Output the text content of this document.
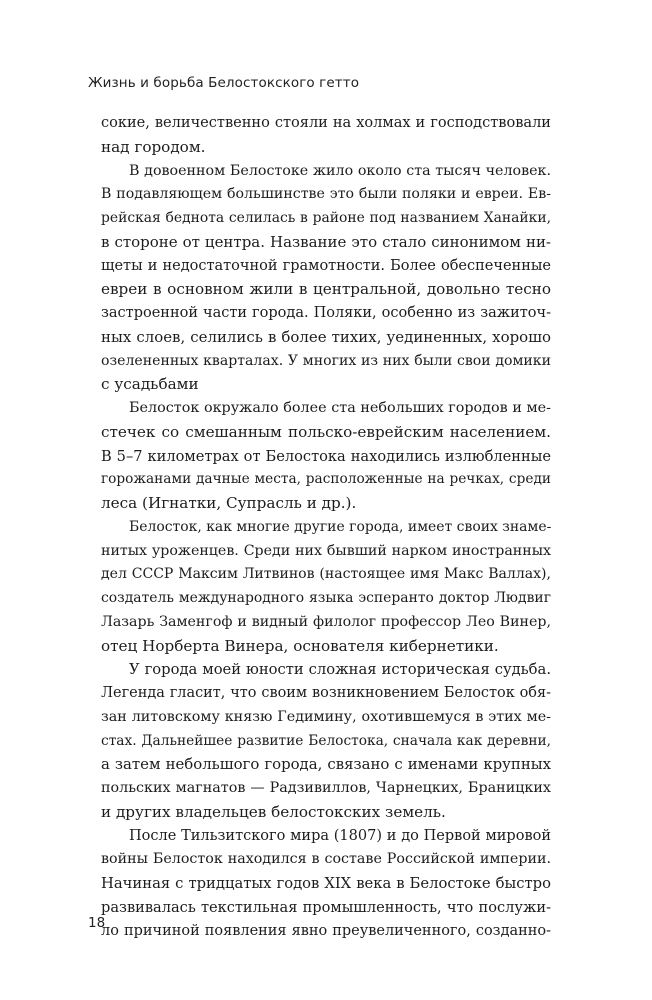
Жизнь и борьба Белостокского гетто
сокие, величественно стояли на холмах и господствовали
над городом.
В довоенном Белостоке жило около ста тысяч человек.
В подавляющем большинстве это были поляки и евреи. Ев-
рейская беднота селилась в районе под названием Ханайки,
в стороне от центра. Название это стало синонимом ни-
щеты и недостаточной грамотности. Более обеспеченные
евреи в основном жили в центральной, довольно тесно
застроенной части города. Поляки, особенно из зажиточ-
ных слоев, селились в более тихих, уединенных, хорошо
озелененных кварталах. У многих из них были свои домики
с усадьбами
Белосток окружало более ста небольших городов и ме-
стечек со смешанным польско-еврейским населением.
В 5–7 километрах от Белостока находились излюбленные
горожанами дачные места, расположенные на речках, среди
леса (Игнатки, Супрасль и др.).
Белосток, как многие другие города, имеет своих знаме-
нитых уроженцев. Среди них бывший нарком иностранных
дел СССР Максим Литвинов (настоящее имя Макс Валлах),
создатель международного языка эсперанто доктор Людвиг
Лазарь Заменгоф и видный филолог профессор Лео Винер,
отец Норберта Винера, основателя кибернетики.
У города моей юности сложная историческая судьба.
Легенда гласит, что своим возникновением Белосток обя-
зан литовскому князю Гедимину, охотившемуся в этих ме-
стах. Дальнейшее развитие Белостока, сначала как деревни,
а затем небольшого города, связано с именами крупных
польских магнатов — Радзивиллов, Чарнецких, Браницких
и других владельцев белостокских земель.
После Тильзитского мира (1807) и до Первой мировой
войны Белосток находился в составе Российской империи.
Начиная с тридцатых годов XIX века в Белостоке быстро
развивалась текстильная промышленность, что послужи-
ло причиной появления явно преувеличенного, созданно-
18
